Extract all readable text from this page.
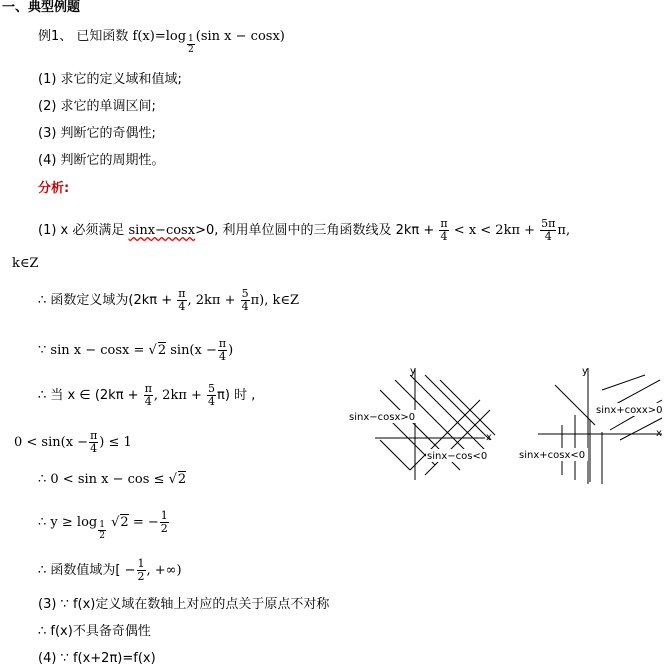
一、典型例题
例1、 已知函数 $f(x)=\log \frac{1}{2} (\sin$ x − cosx)
(1) 求它的定义域和值域;
(2) 求它的单调区间;
(3) 判断它的奇偶性;
(4) 判断它的周期性。
分析:
(1) x 必须满足 sinx−cosx>0, 利用单位圆中的三角函数线及 $2k\pi + \frac{\pi}{4} < x < 2k\pi + \frac{5\pi}{4} \pi$,
k∈Z
∴ 函数定义域为($2k\pi + \frac{\pi}{4}$ , $2k\pi + \frac{5}{4} \pi$), k∈Z
∵ sin x − cosx = √2 $\sin(x - \frac{\pi}{4}$ )
∴ 当 x ∈ ($2k\pi + \frac{\pi}{4}$ , $2k\pi + \frac{5}{4} \pi$) 时 ,
$0 < \sin(x - \frac{\pi}{4}$ ) ≤ 1
∴ 0 < sin x − cos ≤ √2
∴ $y \ge \log \frac{1}{2} √2$ = − $\frac{1}{2}$
∴ 函数值域为[ − $\frac{1}{2}$ , +∞)
(3) ∵ f(x)定义域在数轴上对应的点关于原点不对称
∴ f(x)不具备奇偶性
(4) ∵ f(x+2π)=f(x)
y
x
sinx−cosx>0
sinx−cos<0
y
x
sinx+coxx>0
sinx+cosx<0
